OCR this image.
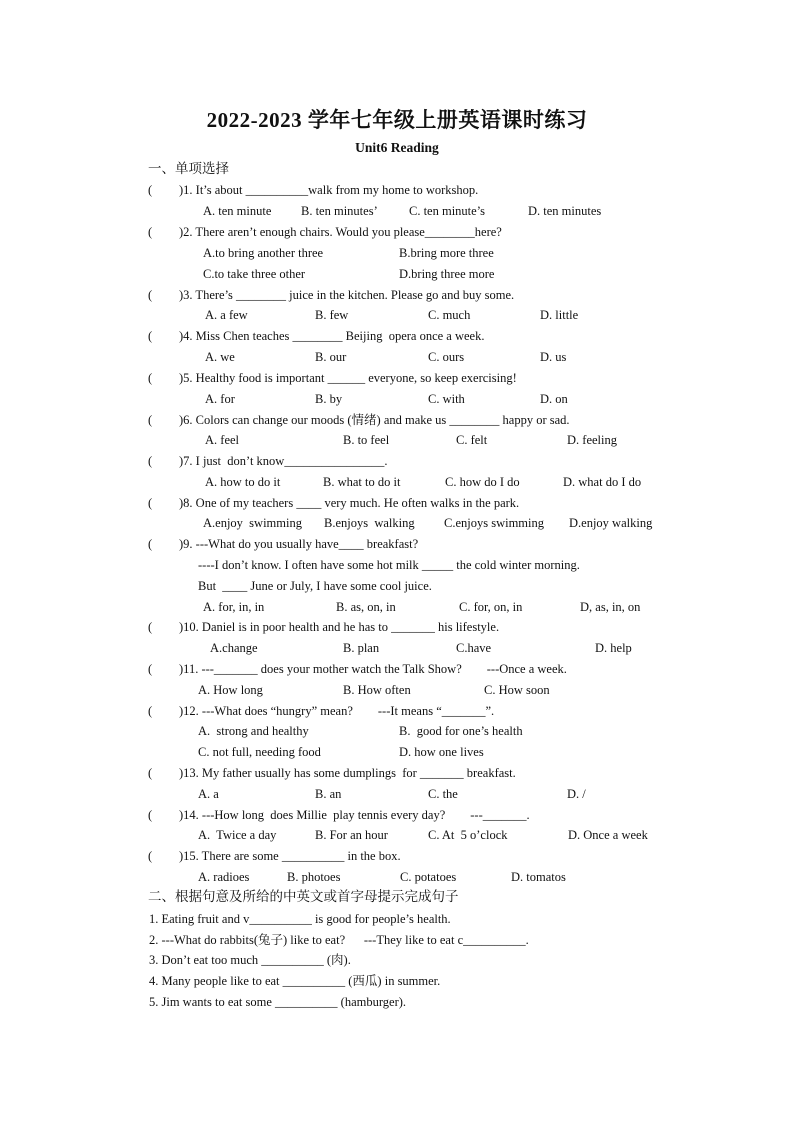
2022-2023 学年七年级上册英语课时练习
Unit6 Reading
一、单项选择
( )1. It’s about __________walk from my home to workshop.
A. ten minute B. ten minutes’	C. ten minute’s	D. ten minutes
( )2. There aren’t enough chairs. Would you please________here?
A.to bring another three	B.bring more three
C.to take three other	D.bring three more
( )3. There’s ________ juice in the kitchen. Please go and buy some.
A. a few	B. few	C. much	D. little
( )4. Miss Chen teaches ________ Beijing  opera once a week.
A. we	B. our	C. ours	D. us
( )5. Healthy food is important ______ everyone, so keep exercising!
A. for	B. by	C. with	D. on
( )6. Colors can change our moods (情绪) and make us ________ happy or sad.
A. feel	B. to feel	C. felt	D. feeling
( )7. I just  don’t know________________.
A. how to do it	B. what to do it	C. how do I do	D. what do I do
( )8. One of my teachers ____ very much. He often walks in the park.
A.enjoy  swimming B.enjoys  walking C.enjoys swimming D.enjoy walking
( )9. ---What do you usually have____ breakfast?
----I don’t know. I often have some hot milk _____ the cold winter morning.
But  ____ June or July, I have some cool juice.
A. for, in, in	B. as, on, in	C. for, on, in	D, as, in, on
( )10. Daniel is in poor health and he has to _______ his lifestyle.
A.change	B. plan	C.have	D. help
( )11. ---_______ does your mother watch the Talk Show?        ---Once a week.
A. How long	B. How often	C. How soon
( )12. ---What does “hungry” mean?        ---It means “_______”.
A.  strong and healthy	B.  good for one’s health
C. not full, needing food	D. how one lives
( )13. My father usually has some dumplings  for _______ breakfast.
A. a	B. an	C. the	D. /
( )14. ---How long  does Millie  play tennis every day?        ---_______.
A.  Twice a day	B. For an hour	C. At  5 o’clock	D. Once a week
( )15. There are some __________ in the box.
A. radioes	B. photoes	C. potatoes	D. tomatos
二、根据句意及所给的中英文或首字母提示完成句子
1. Eating fruit and v__________ is good for people’s health.
2. ---What do rabbits(兔子) like to eat?      ---They like to eat c__________.
3. Don’t eat too much __________ (肉).
4. Many people like to eat __________ (西瓜) in summer.
5. Jim wants to eat some __________ (hamburger).
